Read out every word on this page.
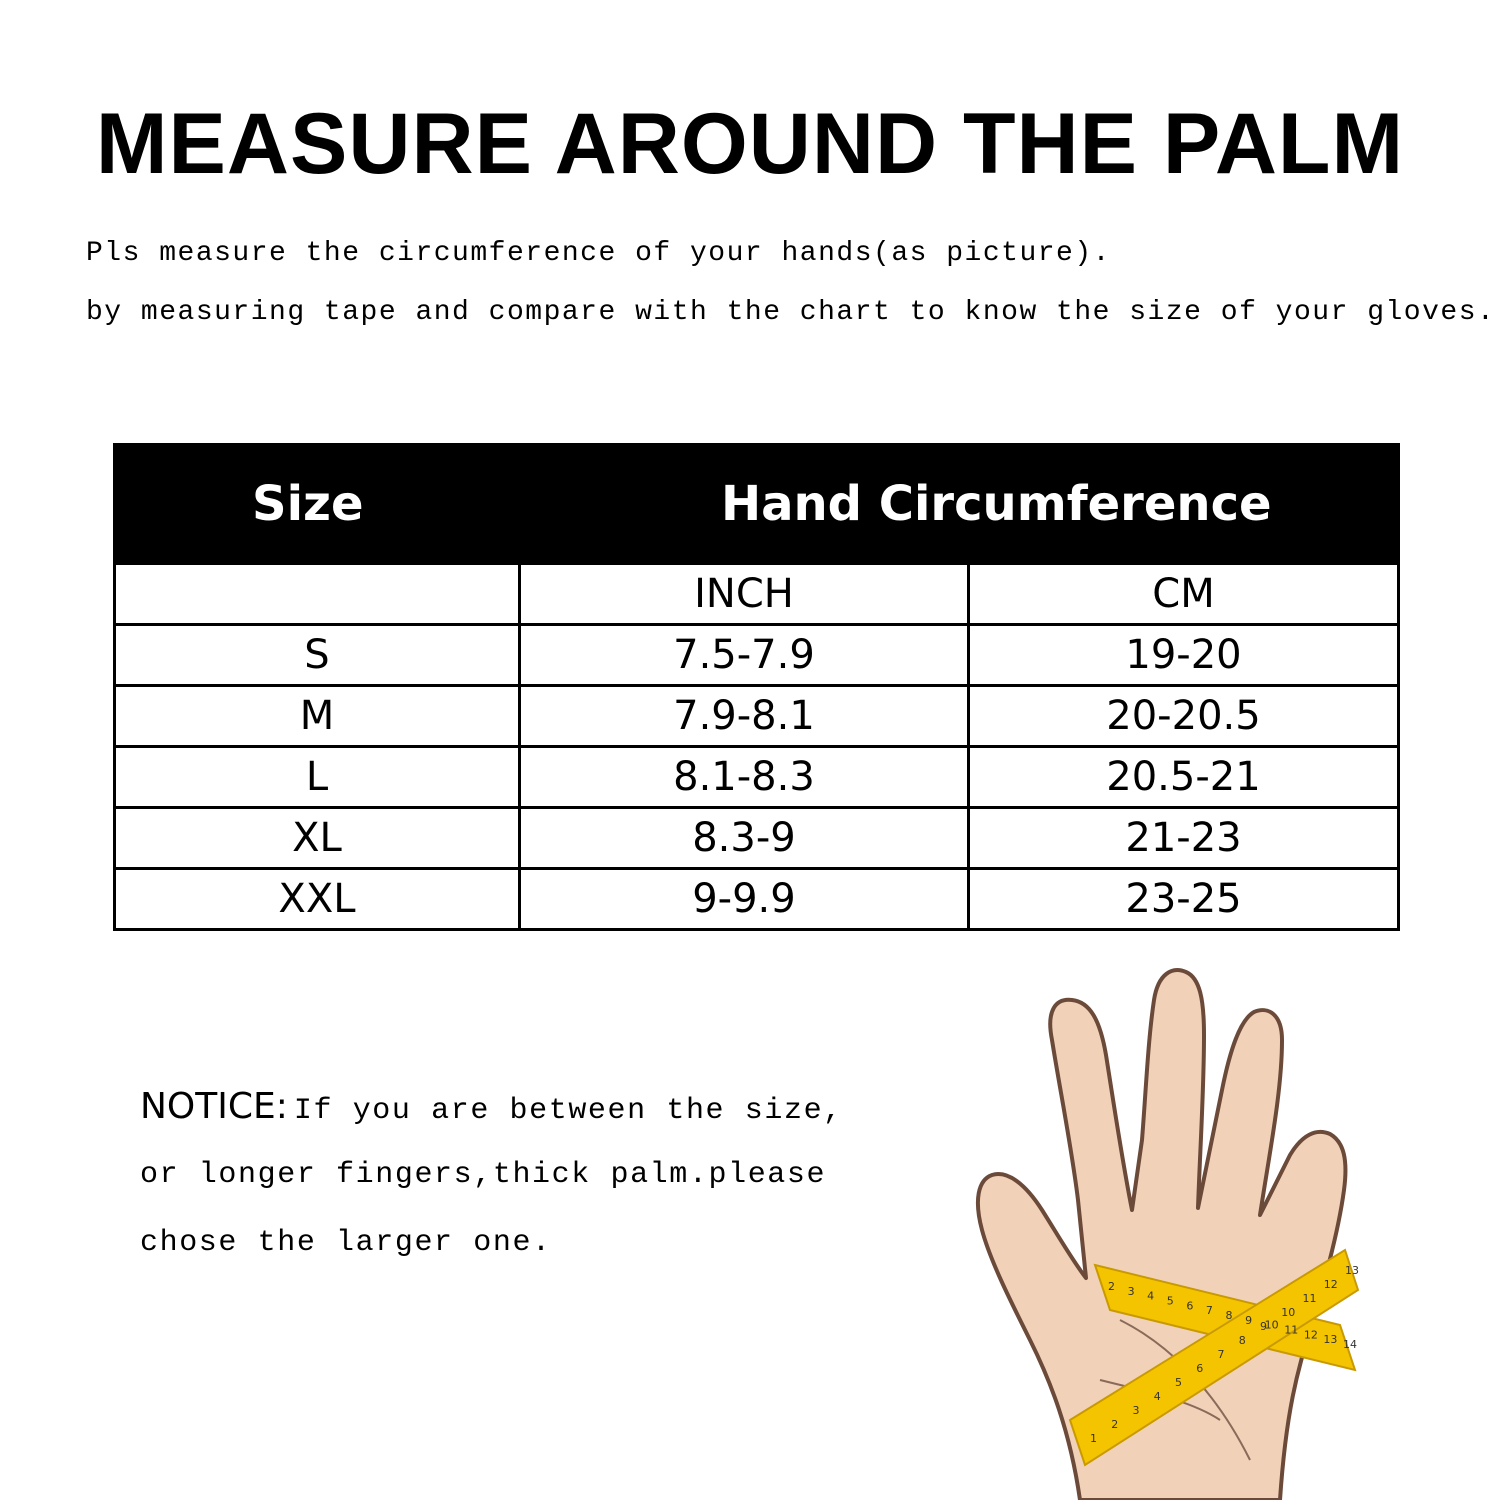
MEASURE AROUND THE PALM
Pls measure the circumference of your hands(as picture).
by measuring tape and compare with the chart to know the size of your gloves.
Size	Hand Circumference	
	INCH	CM
S	7.5-7.9	19-20
M	7.9-8.1	20-20.5
L	8.1-8.3	20.5-21
XL	8.3-9	21-23
XXL	9-9.9	23-25
NOTICE: If you are between the size,
or longer fingers,thick palm.please
chose the larger one.
1
2
3
4
5
6
7
8
9
10
11
12
13
2 3 4 5 6 7 8 9 10 11 12 13 14
